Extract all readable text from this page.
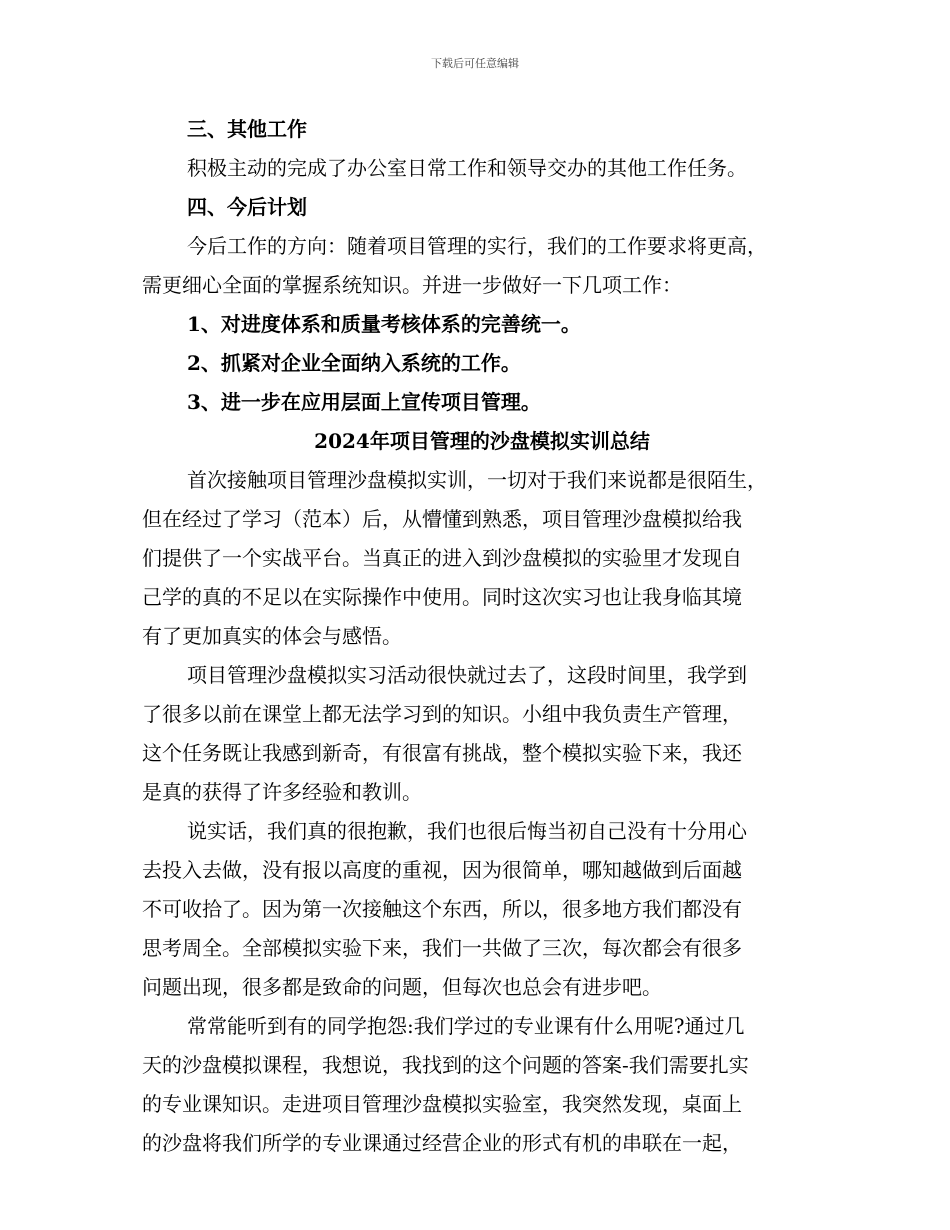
下载后可任意编辑
三、其他工作
积极主动的完成了办公室日常工作和领导交办的其他工作任务。
四、今后计划
今后工作的方向：随着项目管理的实行，我们的工作要求将更高，
需更细心全面的掌握系统知识。并进一步做好一下几项工作：
1、对进度体系和质量考核体系的完善统一。
2、抓紧对企业全面纳入系统的工作。
3、进一步在应用层面上宣传项目管理。
2024年项目管理的沙盘模拟实训总结
首次接触项目管理沙盘模拟实训，一切对于我们来说都是很陌生，
但在经过了学习（范本）后，从懵懂到熟悉，项目管理沙盘模拟给我
们提供了一个实战平台。当真正的进入到沙盘模拟的实验里才发现自
己学的真的不足以在实际操作中使用。同时这次实习也让我身临其境
有了更加真实的体会与感悟。
项目管理沙盘模拟实习活动很快就过去了，这段时间里，我学到
了很多以前在课堂上都无法学习到的知识。小组中我负责生产管理，
这个任务既让我感到新奇，有很富有挑战，整个模拟实验下来，我还
是真的获得了许多经验和教训。
说实话，我们真的很抱歉，我们也很后悔当初自己没有十分用心
去投入去做，没有报以高度的重视，因为很简单，哪知越做到后面越
不可收拾了。因为第一次接触这个东西，所以，很多地方我们都没有
思考周全。全部模拟实验下来，我们一共做了三次，每次都会有很多
问题出现，很多都是致命的问题，但每次也总会有进步吧。
常常能听到有的同学抱怨:我们学过的专业课有什么用呢?通过几
天的沙盘模拟课程，我想说，我找到的这个问题的答案-我们需要扎实
的专业课知识。走进项目管理沙盘模拟实验室，我突然发现，桌面上
的沙盘将我们所学的专业课通过经营企业的形式有机的串联在一起，
